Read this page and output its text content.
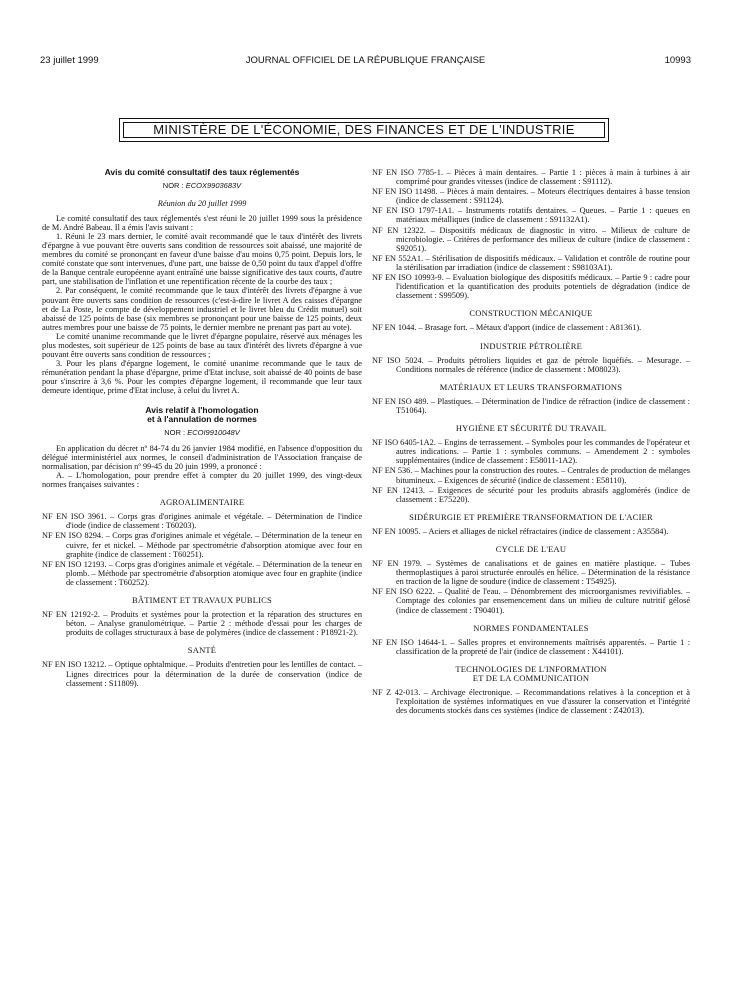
23 juillet 1999	JOURNAL OFFICIEL DE LA RÉPUBLIQUE FRANÇAISE	10993
MINISTÈRE DE L'ÉCONOMIE, DES FINANCES ET DE L'INDUSTRIE
Avis du comité consultatif des taux réglementés
NOR : ECOX9903683V
Réunion du 20 juillet 1999

Le comité consultatif des taux réglementés s'est réuni le 20 juillet 1999 sous la présidence de M. André Babeau. Il a émis l'avis suivant :

1. Réuni le 23 mars dernier, le comité avait recommandé que le taux d'intérêt des livrets d'épargne à vue pouvant être ouverts sans condition de ressources soit abaissé, une majorité de membres du comité se prononçant en faveur d'une baisse d'au moins 0,75 point. Depuis lors, le comité constate que sont intervenues, d'une part, une baisse de 0,50 point du taux d'appel d'offre de la Banque centrale européenne ayant entraîné une baisse significative des taux courts, d'autre part, une stabilisation de l'inflation et une repentification récente de la courbe des taux ;

2. Par conséquent, le comité recommande que le taux d'intérêt des livrets d'épargne à vue pouvant être ouverts sans condition de ressources (c'est-à-dire le livret A des caisses d'épargne et de La Poste, le compte de développement industriel et le livret bleu du Crédit mutuel) soit abaissé de 125 points de base (six membres se prononçant pour une baisse de 125 points, deux autres membres pour une baisse de 75 points, le dernier membre ne prenant pas part au vote).

Le comité unanime recommande que le livret d'épargne populaire, réservé aux ménages les plus modestes, soit supérieur de 125 points de base au taux d'intérêt des livrets d'épargne à vue pouvant être ouverts sans condition de ressources ;

3. Pour les plans d'épargne logement, le comité unanime recommande que le taux de rémunération pendant la phase d'épargne, prime d'Etat incluse, soit abaissé de 40 points de base pour s'inscrire à 3,6 %. Pour les comptes d'épargne logement, il recommande que leur taux demeure identique, prime d'Etat incluse, à celui du livret A.

Avis relatif à l'homologation
et à l'annulation de normes
NOR : ECOI9910048V

En application du décret nº 84-74 du 26 janvier 1984 modifié, en l'absence d'opposition du délégué interministériel aux normes, le conseil d'administration de l'Association française de normalisation, par décision nº 99-45 du 20 juin 1999, a prononcé :

A. – L'homologation, pour prendre effet à compter du 20 juillet 1999, des vingt-deux normes françaises suivantes :

AGROALIMENTAIRE
NF EN ISO 3961. – Corps gras d'origines animale et végétale. – Détermination de l'indice d'iode (indice de classement : T60203).
NF EN ISO 8294. – Corps gras d'origines animale et végétale. – Détermination de la teneur en cuivre, fer et nickel. – Méthode par spectrométrie d'absorption atomique avec four en graphite (indice de classement : T60251).
NF EN ISO 12193. – Corps gras d'origines animale et végétale. – Détermination de la teneur en plomb. – Méthode par spectrométrie d'absorption atomique avec four en graphite (indice de classement : T60252).
BÂTIMENT ET TRAVAUX PUBLICS
NF EN 12192-2. – Produits et systèmes pour la protection et la réparation des structures en béton. – Analyse granulométrique. – Partie 2 : méthode d'essai pour les charges de produits de collages structuraux à base de polymères (indice de classement : P18921-2).
SANTÉ
NF EN ISO 13212. – Optique ophtalmique. – Produits d'entretien pour les lentilles de contact. – Lignes directrices pour la détermination de la durée de conservation (indice de classement : S11809).
NF EN ISO 7785-1. – Pièces à main dentaires. – Partie 1 : pièces à main à turbines à air comprimé pour grandes vitesses (indice de classement : S91112).
NF EN ISO 11498. – Pièces à main dentaires. – Moteurs électriques dentaires à basse tension (indice de classement : S91124).
NF EN ISO 1797-1A1. – Instruments rotatifs dentaires. – Queues. – Partie 1 : queues en matériaux métalliques (indice de classement : S91132A1).
NF EN 12322. – Dispositifs médicaux de diagnostic in vitro. – Milieux de culture de microbiologie. – Critères de performance des milieux de culture (indice de classement : S92051).
NF EN 552A1. – Stérilisation de dispositifs médicaux. – Validation et contrôle de routine pour la stérilisation par irradiation (indice de classement : S98103A1).
NF EN ISO 10993-9. – Evaluation biologique des dispositifs médicaux. – Partie 9 : cadre pour l'identification et la quantification des produits potentiels de dégradation (indice de classement : S99509).
CONSTRUCTION MÉCANIQUE
NF EN 1044. – Brasage fort. – Métaux d'apport (indice de classement : A81361).
INDUSTRIE PÉTROLIÈRE
NF ISO 5024. – Produits pétroliers liquides et gaz de pétrole liquéfiés. – Mesurage. – Conditions normales de référence (indice de classement : M08023).
MATÉRIAUX ET LEURS TRANSFORMATIONS
NF EN ISO 489. – Plastiques. – Détermination de l'indice de réfraction (indice de classement : T51064).
HYGIÈNE ET SÉCURITÉ DU TRAVAIL
NF ISO 6405-1A2. – Engins de terrassement. – Symboles pour les commandes de l'opérateur et autres indications. – Partie 1 : symboles communs. – Amendement 2 : symboles supplémentaires (indice de classement : E58011-1A2).
NF EN 536. – Machines pour la construction des routes. – Centrales de production de mélanges bitumineux. – Exigences de sécurité (indice de classement : E58110).
NF EN 12413. – Exigences de sécurité pour les produits abrasifs agglomérés (indice de classement : E75220).
SIDÉRURGIE ET PREMIÈRE TRANSFORMATION DE L'ACIER
NF EN 10095. – Aciers et alliages de nickel réfractaires (indice de classement : A35584).
CYCLE DE L'EAU
NF EN 1979. – Systèmes de canalisations et de gaines en matière plastique. – Tubes thermoplastiques à paroi structurée enroulés en hélice. – Détermination de la résistance en traction de la ligne de soudure (indice de classement : T54925).
NF EN ISO 6222. – Qualité de l'eau. – Dénombrement des microorganismes revivifiables. – Comptage des colonies par ensemencement dans un milieu de culture nutritif gélosé (indice de classement : T90401).
NORMES FONDAMENTALES
NF EN ISO 14644-1. – Salles propres et environnements maîtrisés apparentés. – Partie 1 : classification de la propreté de l'air (indice de classement : X44101).
TECHNOLOGIES DE L'INFORMATION
ET DE LA COMMUNICATION
NF Z 42-013. – Archivage électronique. – Recommandations relatives à la conception et à l'exploitation de systèmes informatiques en vue d'assurer la conservation et l'intégrité des documents stockés dans ces systèmes (indice de classement : Z42013).
